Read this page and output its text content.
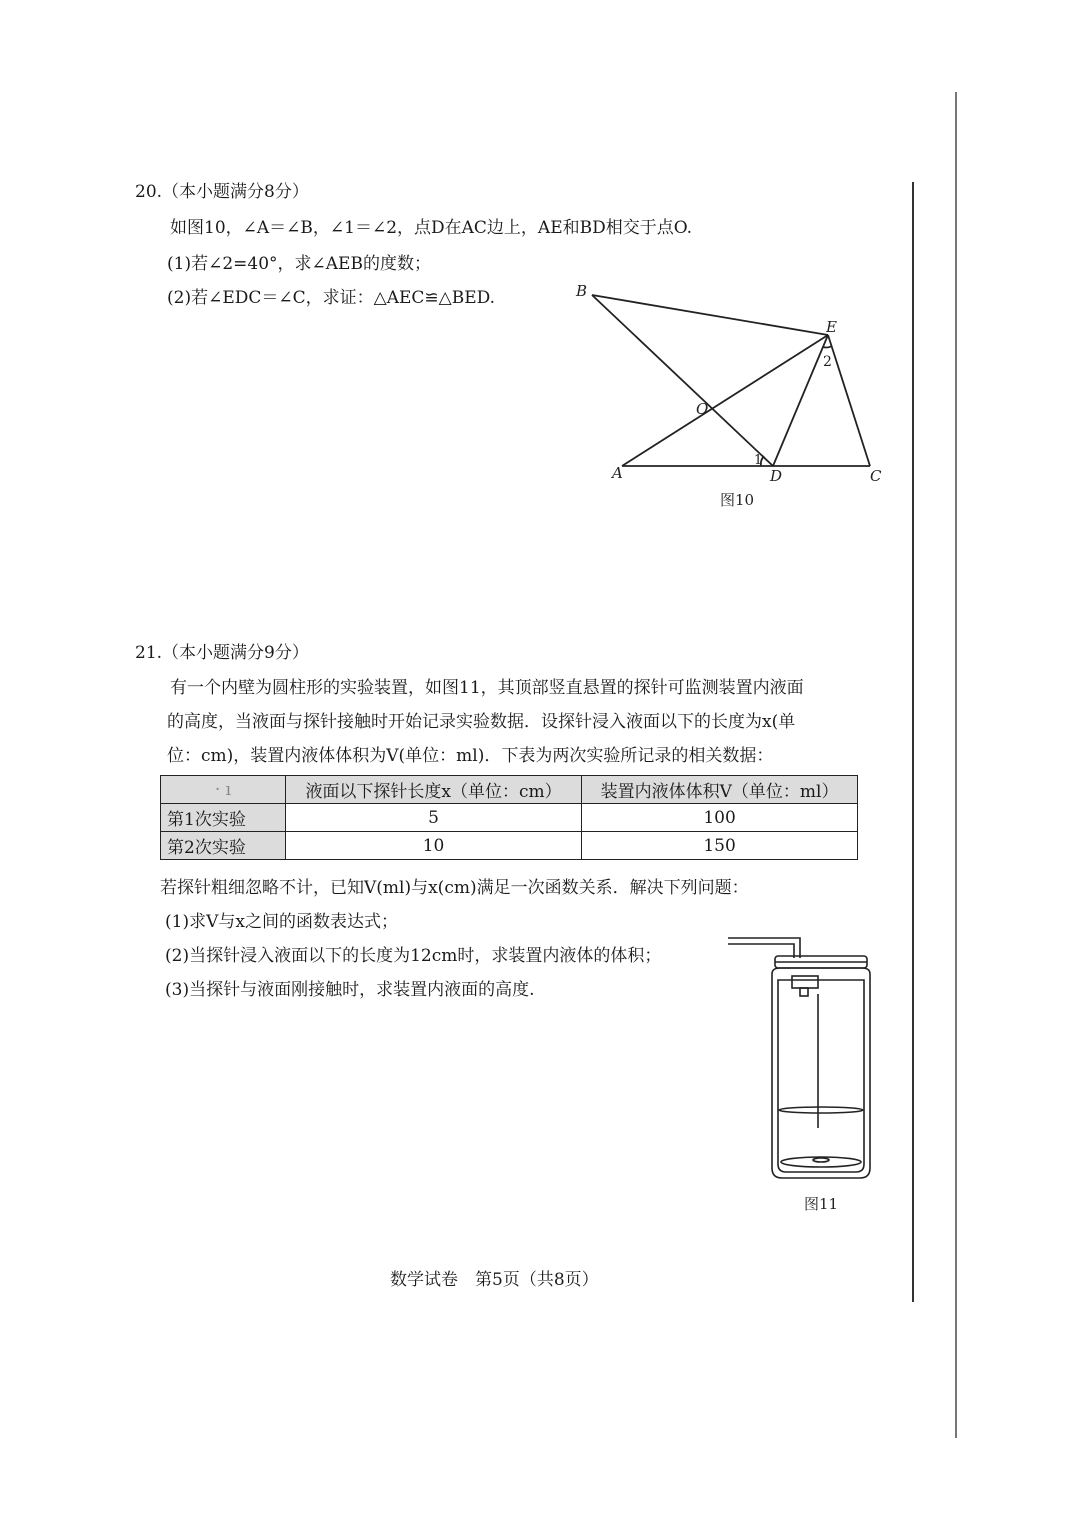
20.（本小题满分8分）
如图10，∠A＝∠B，∠1＝∠2，点D在AC边上，AE和BD相交于点O.
(1)若∠2=40°，求∠AEB的度数；
(2)若∠EDC＝∠C，求证：△AEC≌△BED.	B
E
2
O
1
A	D	C
图10
21.（本小题满分9分）
有一个内壁为圆柱形的实验装置，如图11，其顶部竖直悬置的探针可监测装置内液面
的高度，当液面与探针接触时开始记录实验数据．设探针浸入液面以下的长度为x(单
位：cm)，装置内液体体积为V(单位：ml)．下表为两次实验所记录的相关数据：
· ı	液面以下探针长度x（单位：cm）	装置内液体体积V（单位：ml）
第1次实验	5	100
第2次实验	10	150
若探针粗细忽略不计，已知V(ml)与x(cm)满足一次函数关系．解决下列问题：
(1)求V与x之间的函数表达式；
(2)当探针浸入液面以下的长度为12cm时，求装置内液体的体积；
(3)当探针与液面刚接触时，求装置内液面的高度.
图11
数学试卷　第5页（共8页）
